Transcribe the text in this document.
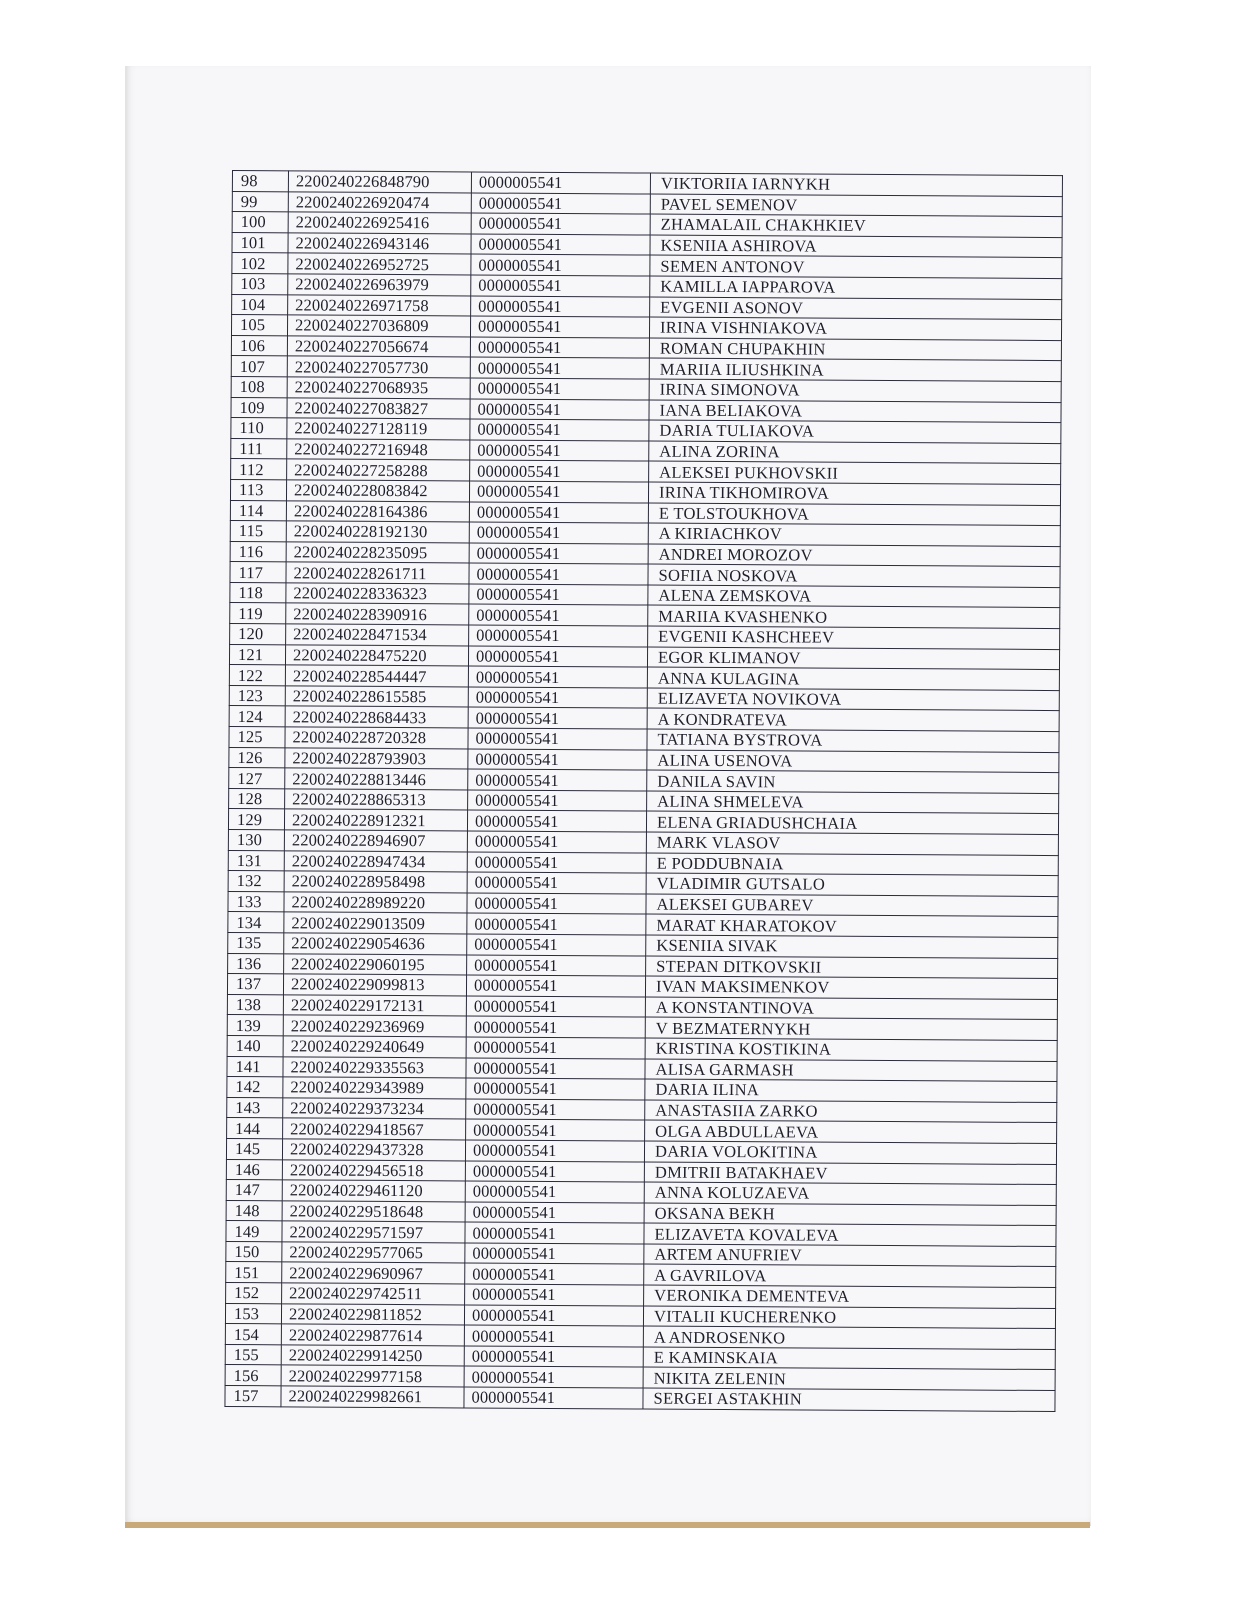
98	2200240226848790	0000005541	VIKTORIIA IARNYKH
99	2200240226920474	0000005541	PAVEL SEMENOV
100	2200240226925416	0000005541	ZHAMALAIL CHAKHKIEV
101	2200240226943146	0000005541	KSENIIA ASHIROVA
102	2200240226952725	0000005541	SEMEN ANTONOV
103	2200240226963979	0000005541	KAMILLA IAPPAROVA
104	2200240226971758	0000005541	EVGENII ASONOV
105	2200240227036809	0000005541	IRINA VISHNIAKOVA
106	2200240227056674	0000005541	ROMAN CHUPAKHIN
107	2200240227057730	0000005541	MARIIA ILIUSHKINA
108	2200240227068935	0000005541	IRINA SIMONOVA
109	2200240227083827	0000005541	IANA BELIAKOVA
110	2200240227128119	0000005541	DARIA TULIAKOVA
111	2200240227216948	0000005541	ALINA ZORINA
112	2200240227258288	0000005541	ALEKSEI PUKHOVSKII
113	2200240228083842	0000005541	IRINA TIKHOMIROVA
114	2200240228164386	0000005541	E TOLSTOUKHOVA
115	2200240228192130	0000005541	A KIRIACHKOV
116	2200240228235095	0000005541	ANDREI MOROZOV
117	2200240228261711	0000005541	SOFIIA NOSKOVA
118	2200240228336323	0000005541	ALENA ZEMSKOVA
119	2200240228390916	0000005541	MARIIA KVASHENKO
120	2200240228471534	0000005541	EVGENII KASHCHEEV
121	2200240228475220	0000005541	EGOR KLIMANOV
122	2200240228544447	0000005541	ANNA KULAGINA
123	2200240228615585	0000005541	ELIZAVETA NOVIKOVA
124	2200240228684433	0000005541	A KONDRATEVA
125	2200240228720328	0000005541	TATIANA BYSTROVA
126	2200240228793903	0000005541	ALINA USENOVA
127	2200240228813446	0000005541	DANILA SAVIN
128	2200240228865313	0000005541	ALINA SHMELEVA
129	2200240228912321	0000005541	ELENA GRIADUSHCHAIA
130	2200240228946907	0000005541	MARK VLASOV
131	2200240228947434	0000005541	E PODDUBNAIA
132	2200240228958498	0000005541	VLADIMIR GUTSALO
133	2200240228989220	0000005541	ALEKSEI GUBAREV
134	2200240229013509	0000005541	MARAT KHARATOKOV
135	2200240229054636	0000005541	KSENIIA SIVAK
136	2200240229060195	0000005541	STEPAN DITKOVSKII
137	2200240229099813	0000005541	IVAN MAKSIMENKOV
138	2200240229172131	0000005541	A KONSTANTINOVA
139	2200240229236969	0000005541	V BEZMATERNYKH
140	2200240229240649	0000005541	KRISTINA KOSTIKINA
141	2200240229335563	0000005541	ALISA GARMASH
142	2200240229343989	0000005541	DARIA ILINA
143	2200240229373234	0000005541	ANASTASIIA ZARKO
144	2200240229418567	0000005541	OLGA ABDULLAEVA
145	2200240229437328	0000005541	DARIA VOLOKITINA
146	2200240229456518	0000005541	DMITRII BATAKHAEV
147	2200240229461120	0000005541	ANNA KOLUZAEVA
148	2200240229518648	0000005541	OKSANA BEKH
149	2200240229571597	0000005541	ELIZAVETA KOVALEVA
150	2200240229577065	0000005541	ARTEM ANUFRIEV
151	2200240229690967	0000005541	A GAVRILOVA
152	2200240229742511	0000005541	VERONIKA DEMENTEVA
153	2200240229811852	0000005541	VITALII KUCHERENKO
154	2200240229877614	0000005541	A ANDROSENKO
155	2200240229914250	0000005541	E KAMINSKAIA
156	2200240229977158	0000005541	NIKITA ZELENIN
157	2200240229982661	0000005541	SERGEI ASTAKHIN
